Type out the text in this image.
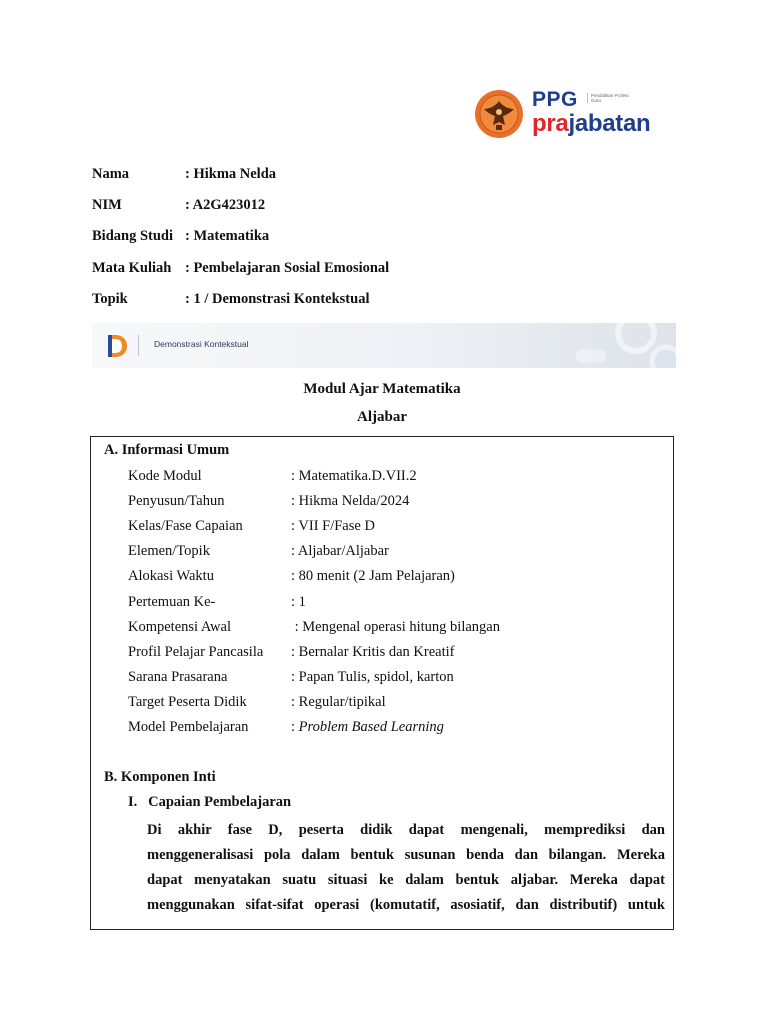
PPG	Pendidikan Profesi Guru
prajabatan
Nama	: Hikma Nelda
NIM	: A2G423012
Bidang Studi : Matematika
Mata Kuliah : Pembelajaran Sosial Emosional
Topik	: 1 / Demonstrasi Kontekstual
Demonstrasi Kontekstual
Modul Ajar Matematika
Aljabar
A. Informasi Umum
Kode Modul	: Matematika.D.VII.2
Penyusun/Tahun	: Hikma Nelda/2024
Kelas/Fase Capaian	: VII F/Fase D
Elemen/Topik	: Aljabar/Aljabar
Alokasi Waktu	: 80 menit (2 Jam Pelajaran)
Pertemuan Ke-	: 1
Kompetensi Awal	: Mengenal operasi hitung bilangan
Profil Pelajar Pancasila : Bernalar Kritis dan Kreatif
Sarana Prasarana	: Papan Tulis, spidol, karton
Target Peserta Didik	: Regular/tipikal
Model Pembelajaran	: Problem Based Learning
B. Komponen Inti
I.   Capaian Pembelajaran
Di akhir fase D, peserta didik dapat mengenali, memprediksi dan
menggeneralisasi pola dalam bentuk susunan benda dan bilangan. Mereka
dapat menyatakan suatu situasi ke dalam bentuk aljabar. Mereka dapat
menggunakan sifat-sifat operasi (komutatif, asosiatif, dan distributif) untuk
